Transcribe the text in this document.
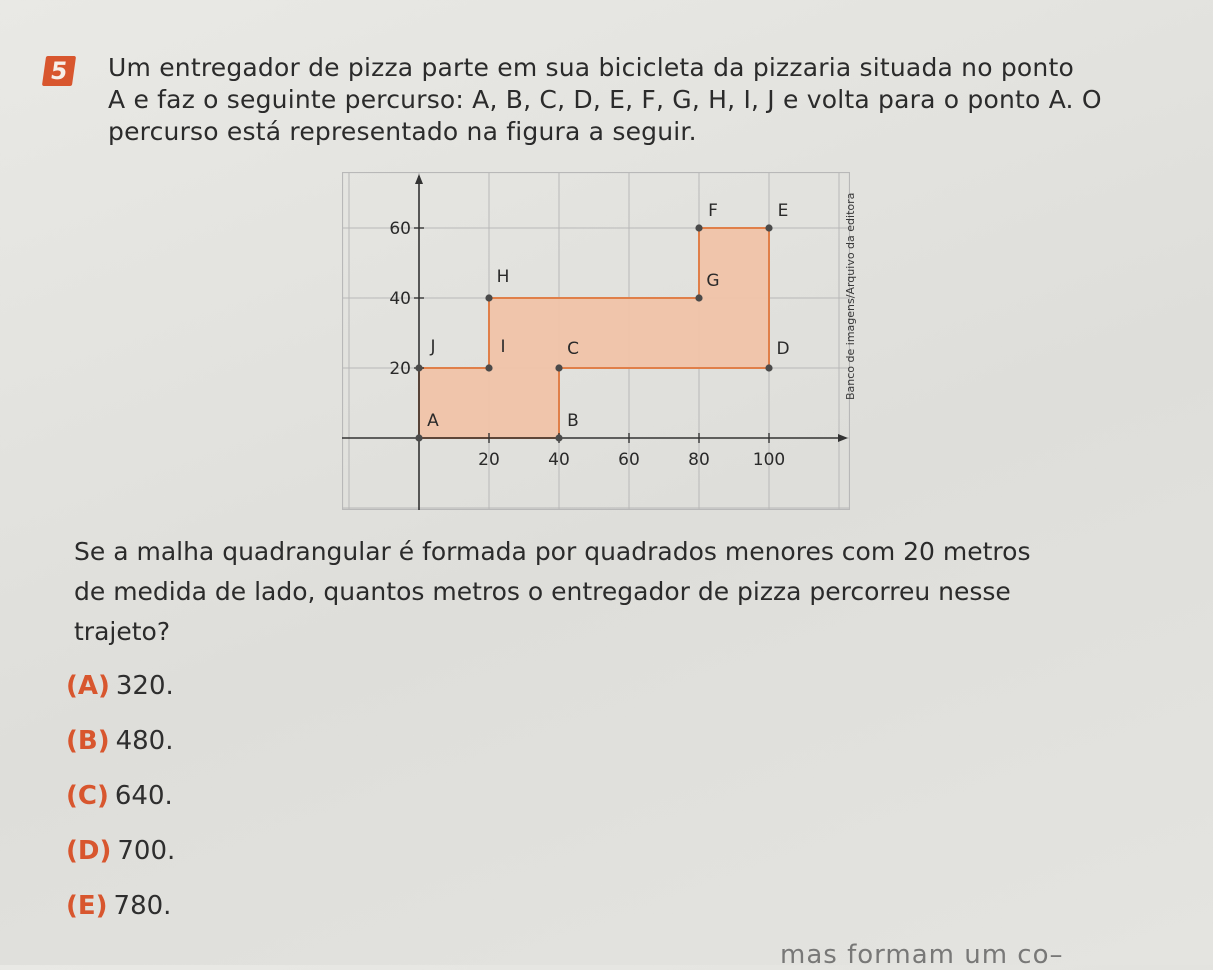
5 Um entregador de pizza parte em sua bicicleta da pizzaria situada no ponto
A e faz o seguinte percurso: A, B, C, D, E, F, G, H, I, J e volta para o ponto A. O
percurso está representado na figura a seguir.
20	40	60	80	100
20
40
60
A	B
C	D
E
F
G
H
I
J	Banco de imagens/Arquivo da editora
Se a malha quadrangular é formada por quadrados menores com 20 metros
de medida de lado, quantos metros o entregador de pizza percorreu nesse
trajeto?
(A) 320.
(B) 480.
(C) 640.
(D) 700.
(E) 780.
mas formam um co–
